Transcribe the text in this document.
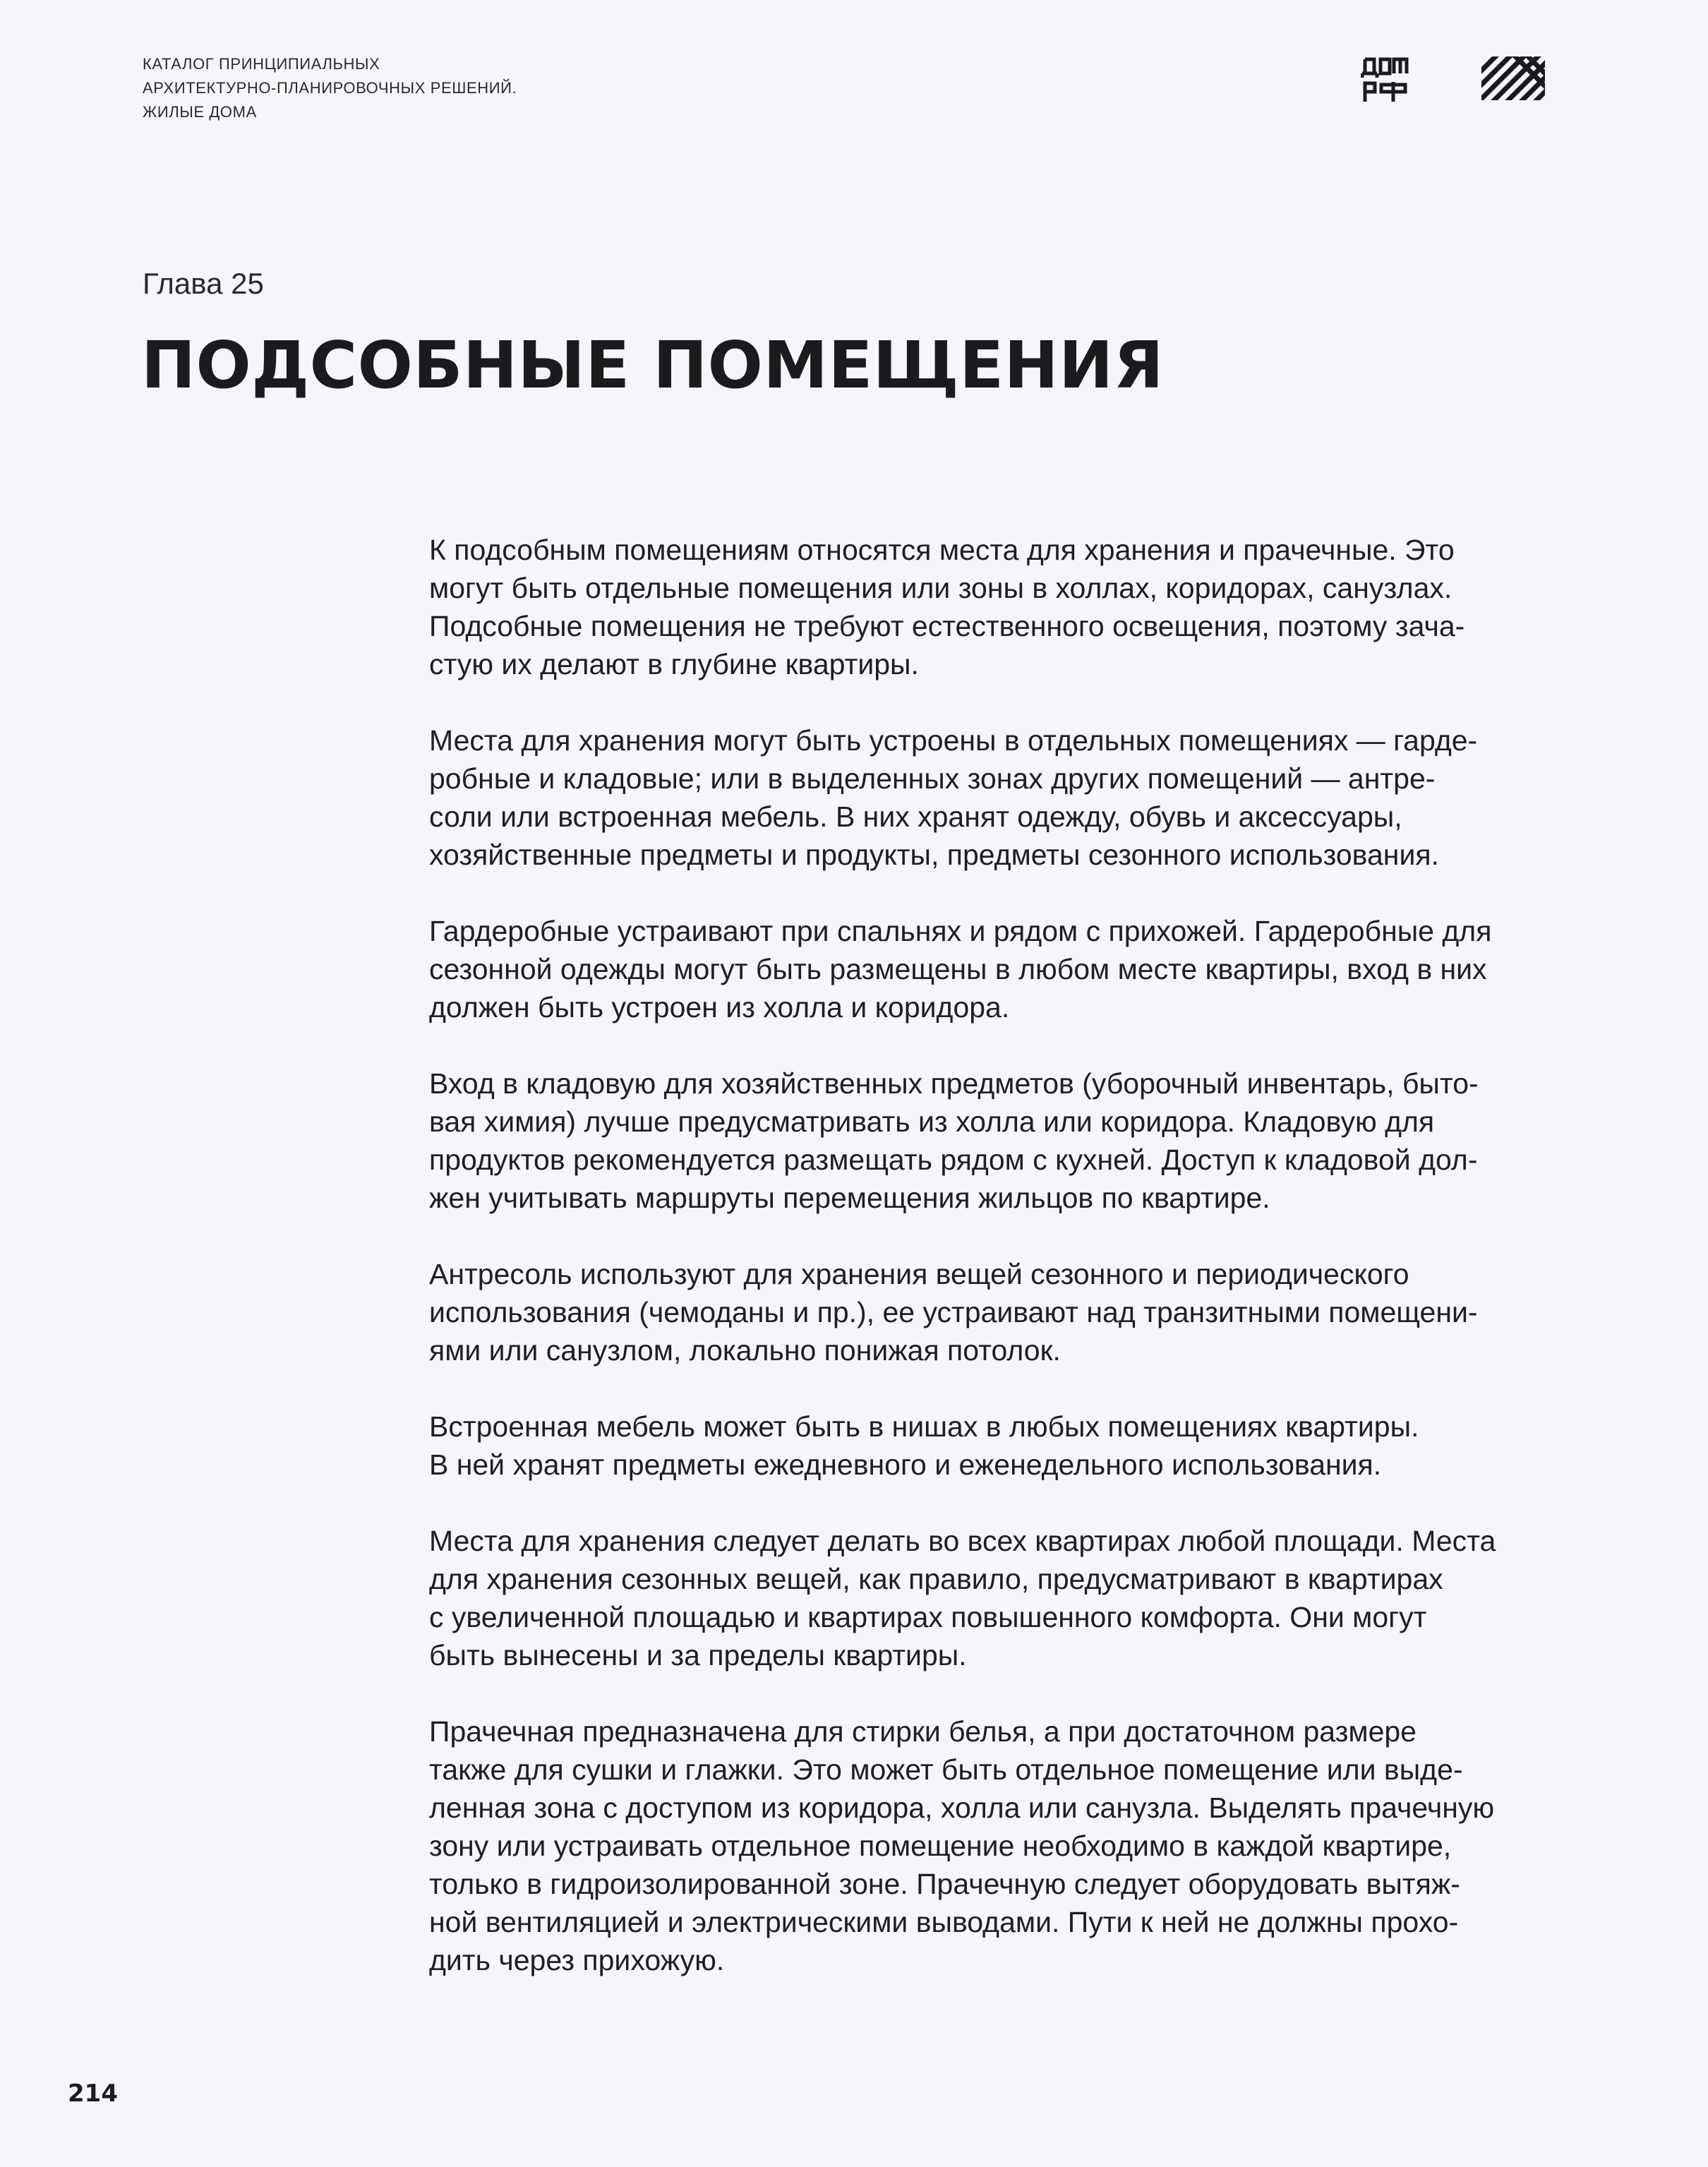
КАТАЛОГ ПРИНЦИПИАЛЬНЫХ
АРХИТЕКТУРНО-ПЛАНИРОВОЧНЫХ РЕШЕНИЙ.
ЖИЛЫЕ ДОМА
Глава 25
ПОДСОБНЫЕ ПОМЕЩЕНИЯ
К подсобным помещениям относятся места для хранения и прачечные. Это
могут быть отдельные помещения или зоны в холлах, коридорах, санузлах.
Подсобные помещения не требуют естественного освещения, поэтому зача-
стую их делают в глубине квартиры.
Места для хранения могут быть устроены в отдельных помещениях — гарде-
робные и кладовые; или в выделенных зонах других помещений — антре-
соли или встроенная мебель. В них хранят одежду, обувь и аксессуары,
хозяйственные предметы и продукты, предметы сезонного использования.
Гардеробные устраивают при спальнях и рядом с прихожей. Гардеробные для
сезонной одежды могут быть размещены в любом месте квартиры, вход в них
должен быть устроен из холла и коридора.
Вход в кладовую для хозяйственных предметов (уборочный инвентарь, быто-
вая химия) лучше предусматривать из холла или коридора. Кладовую для
продуктов рекомендуется размещать рядом с кухней. Доступ к кладовой дол-
жен учитывать маршруты перемещения жильцов по квартире.
Антресоль используют для хранения вещей сезонного и периодического
использования (чемоданы и пр.), ее устраивают над транзитными помещени-
ями или санузлом, локально понижая потолок.
Встроенная мебель может быть в нишах в любых помещениях квартиры.
В ней хранят предметы ежедневного и еженедельного использования.
Места для хранения следует делать во всех квартирах любой площади. Места
для хранения сезонных вещей, как правило, предусматривают в квартирах
с увеличенной площадью и квартирах повышенного комфорта. Они могут
быть вынесены и за пределы квартиры.
Прачечная предназначена для стирки белья, а при достаточном размере
также для сушки и глажки. Это может быть отдельное помещение или выде-
ленная зона с доступом из коридора, холла или санузла. Выделять прачечную
зону или устраивать отдельное помещение необходимо в каждой квартире,
только в гидроизолированной зоне. Прачечную следует оборудовать вытяж-
ной вентиляцией и электрическими выводами. Пути к ней не должны прохо-
дить через прихожую.
214
